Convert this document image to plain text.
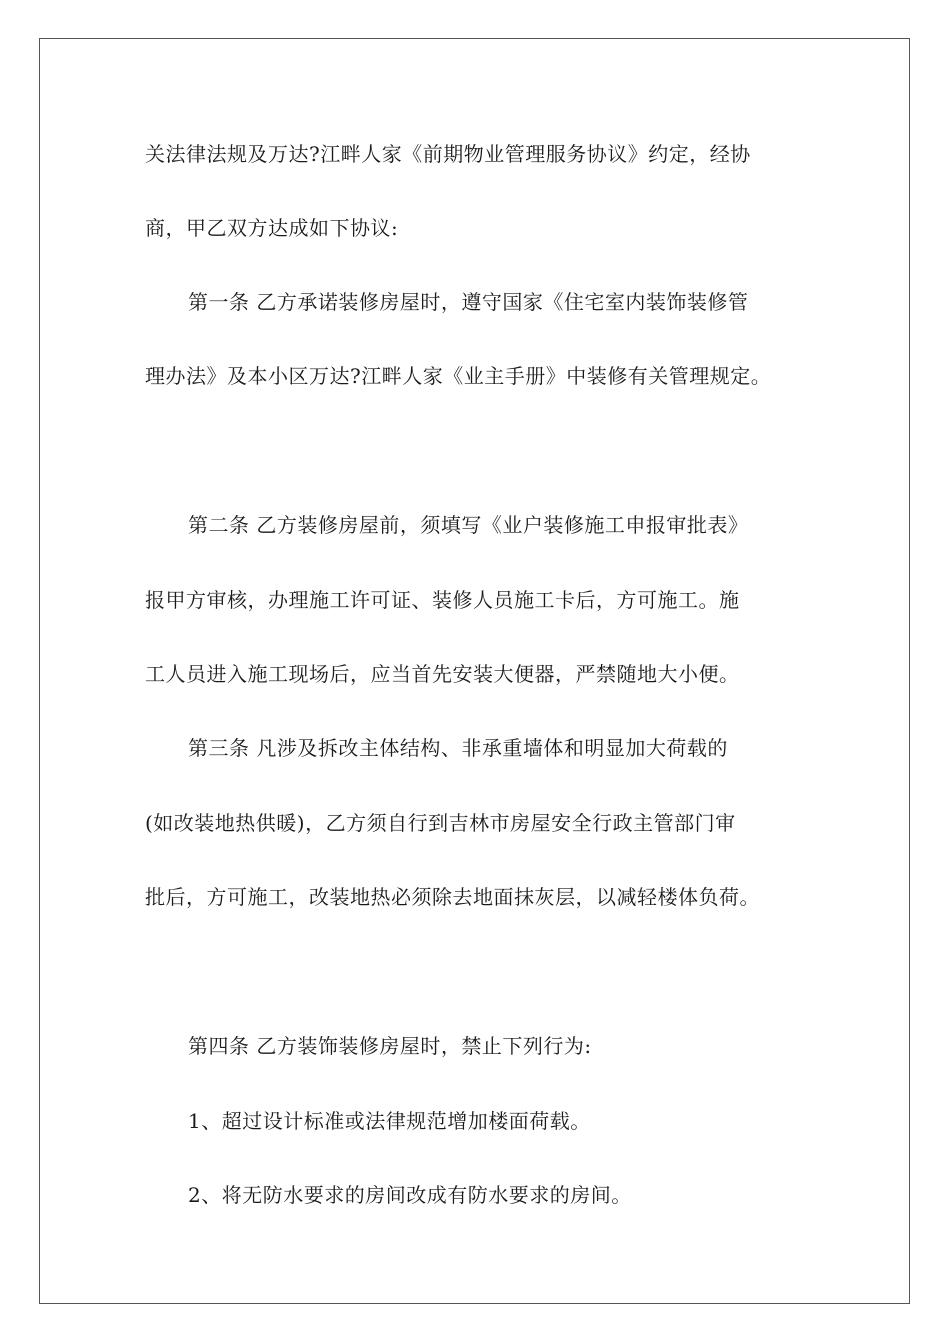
关法律法规及万达?江畔人家《前期物业管理服务协议》约定，经协
商，甲乙双方达成如下协议:
第一条 乙方承诺装修房屋时，遵守国家《住宅室内装饰装修管
理办法》及本小区万达?江畔人家《业主手册》中装修有关管理规定。
第二条 乙方装修房屋前，须填写《业户装修施工申报审批表》
报甲方审核，办理施工许可证、装修人员施工卡后，方可施工。施
工人员进入施工现场后，应当首先安装大便器，严禁随地大小便。
第三条 凡涉及拆改主体结构、非承重墙体和明显加大荷载的
(如改装地热供暖)，乙方须自行到吉林市房屋安全行政主管部门审
批后，方可施工，改装地热必须除去地面抹灰层，以减轻楼体负荷。
第四条 乙方装饰装修房屋时，禁止下列行为:
1、超过设计标准或法律规范增加楼面荷载。
2、将无防水要求的房间改成有防水要求的房间。
